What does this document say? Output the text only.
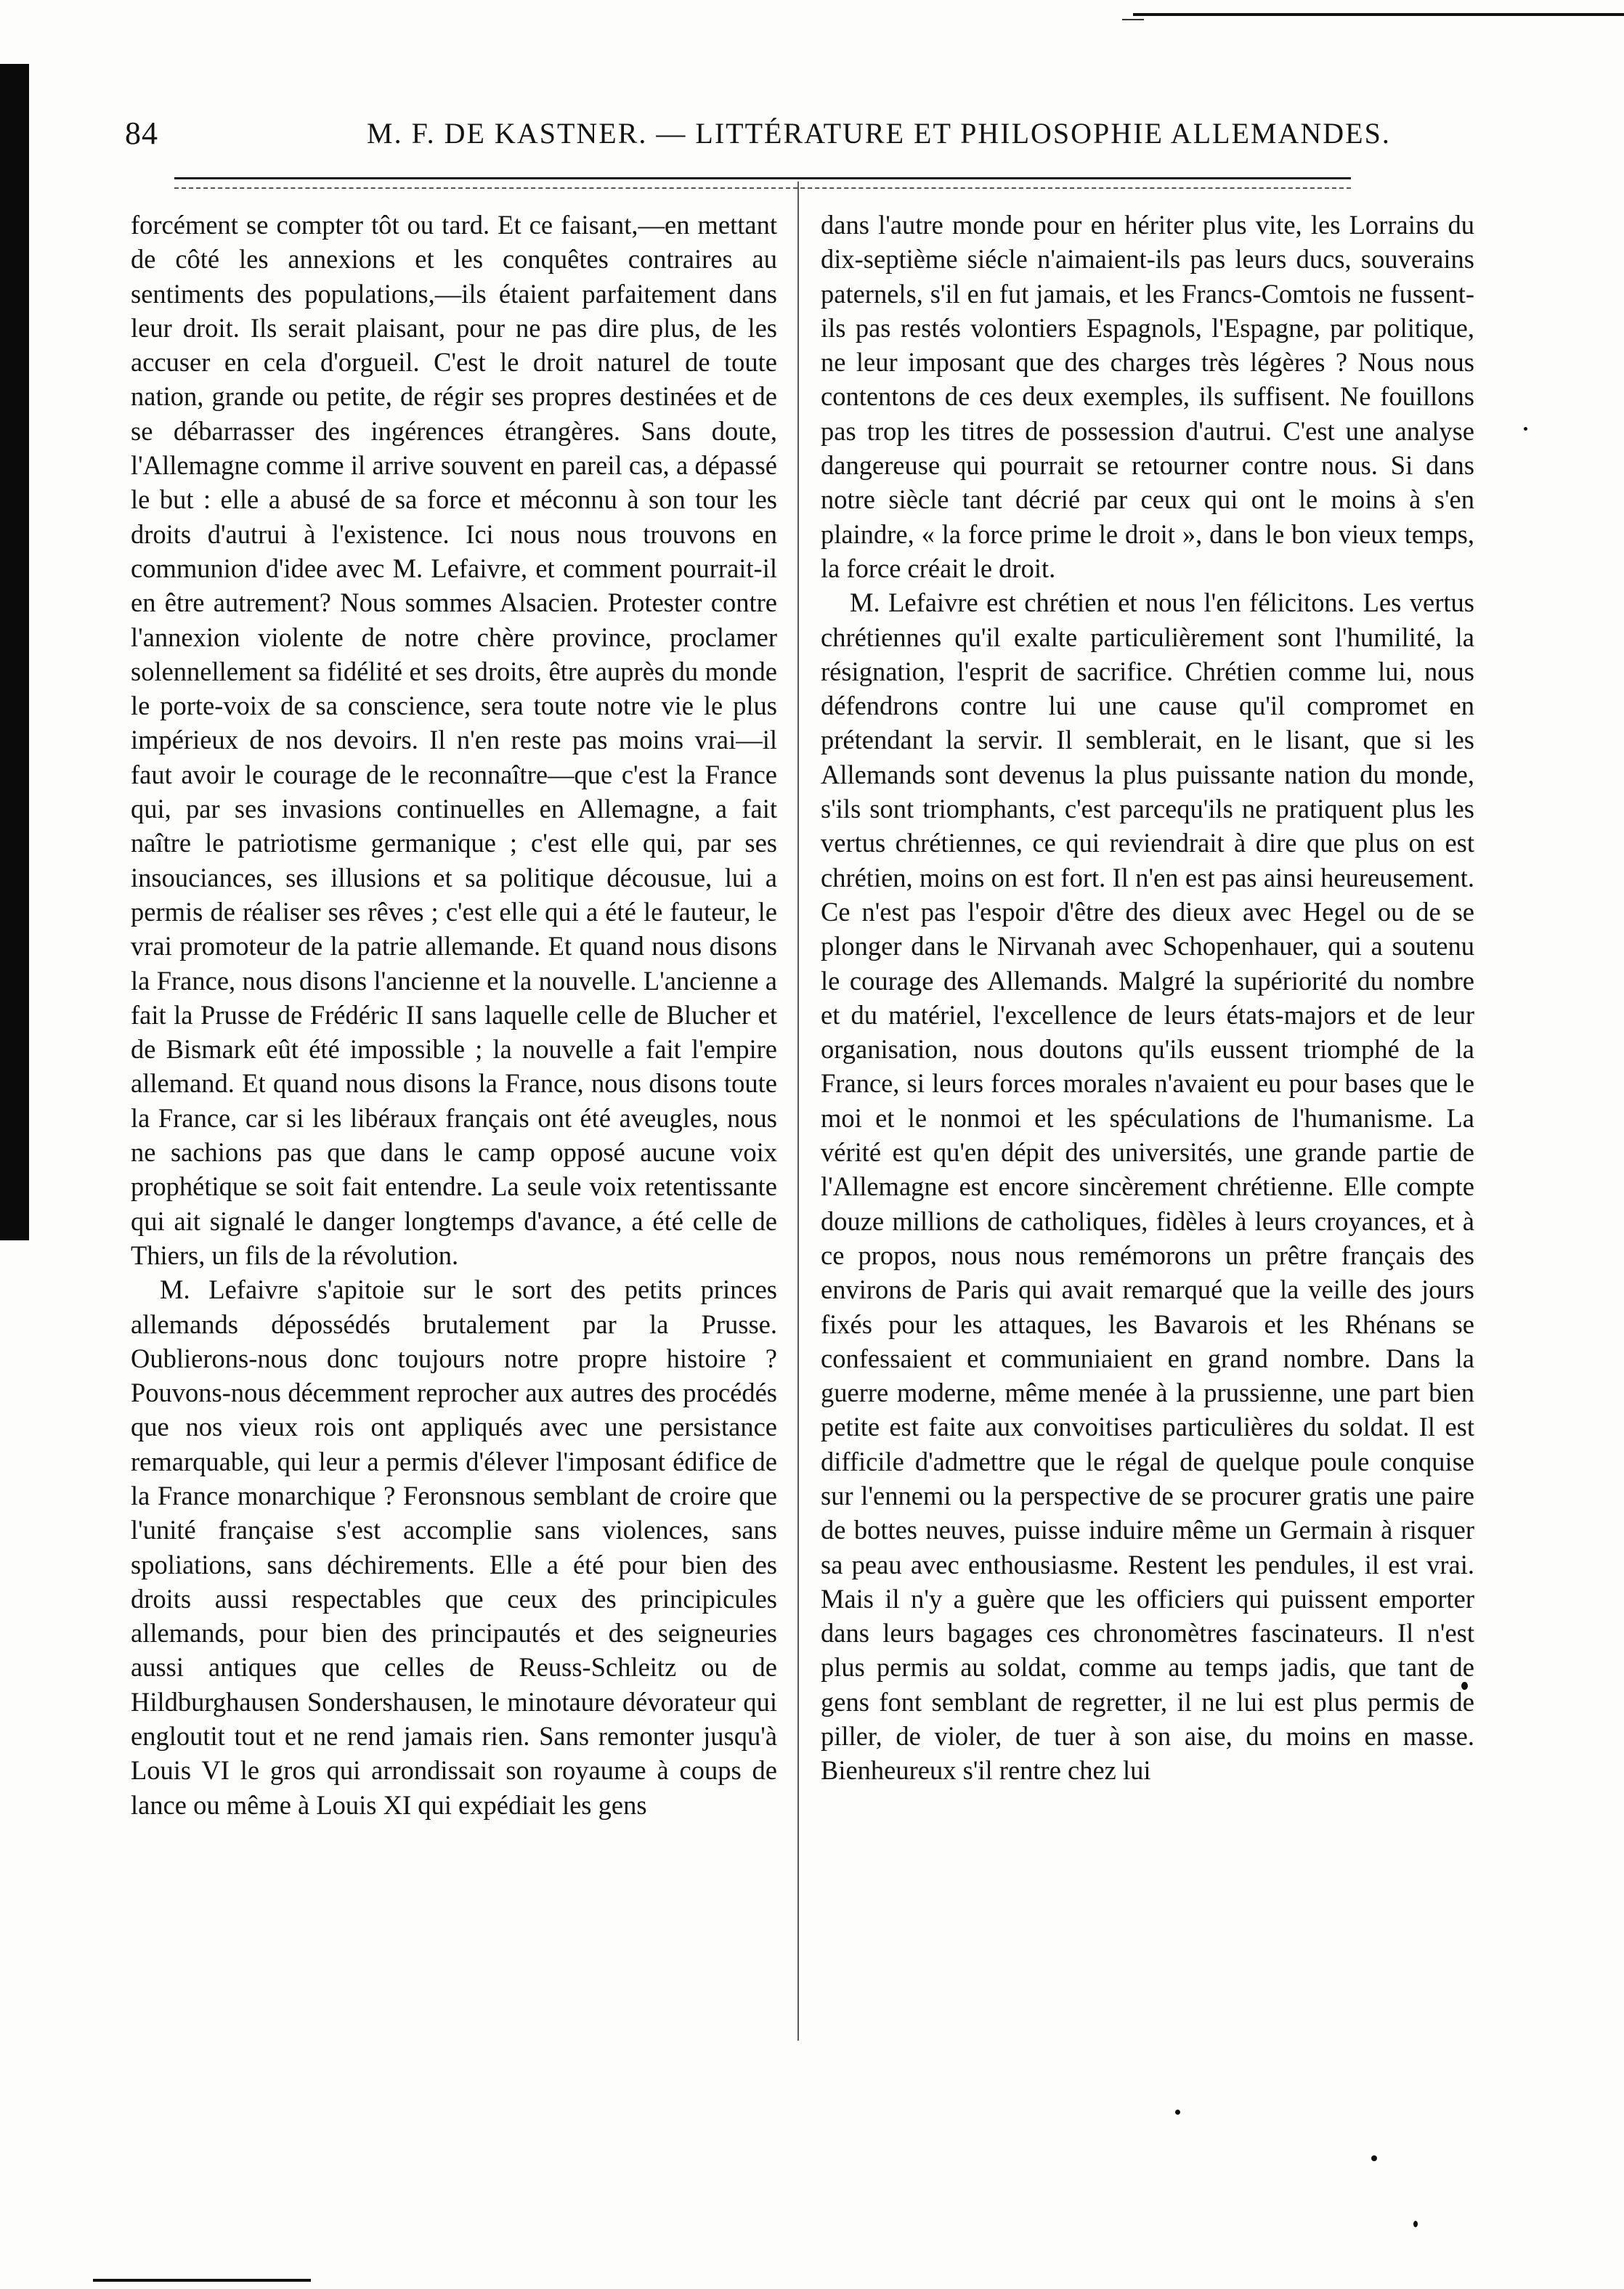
84	M. F. DE KASTNER. — LITTÉRATURE ET PHILOSOPHIE ALLEMANDES.

forcément se compter tôt ou tard. Et ce faisant,—en mettant de côté les annexions et les conquêtes contraires au sentiments des populations,—ils étaient parfaitement dans leur droit. Ils serait plaisant, pour ne pas dire plus, de les accuser en cela d'orgueil. C'est le droit naturel de toute nation, grande ou petite, de régir ses propres destinées et de se débarrasser des ingérences étrangères. Sans doute, l'Allemagne comme il arrive souvent en pareil cas, a dépassé le but : elle a abusé de sa force et méconnu à son tour les droits d'autrui à l'existence. Ici nous nous trouvons en communion d'idee avec M. Lefaivre, et comment pourrait-il en être autrement? Nous sommes Alsacien. Protester contre l'annexion violente de notre chère province, proclamer solennellement sa fidélité et ses droits, être auprès du monde le porte-voix de sa conscience, sera toute notre vie le plus impérieux de nos devoirs. Il n'en reste pas moins vrai—il faut avoir le courage de le reconnaître—que c'est la France qui, par ses invasions continuelles en Allemagne, a fait naître le patriotisme germanique ; c'est elle qui, par ses insouciances, ses illusions et sa politique décousue, lui a permis de réaliser ses rêves ; c'est elle qui a été le fauteur, le vrai promoteur de la patrie allemande. Et quand nous disons la France, nous disons l'ancienne et la nouvelle. L'ancienne a fait la Prusse de Frédéric II sans laquelle celle de Blucher et de Bismark eût été impossible ; la nouvelle a fait l'empire allemand. Et quand nous disons la France, nous disons toute la France, car si les libéraux français ont été aveugles, nous ne sachions pas que dans le camp opposé aucune voix prophétique se soit fait entendre. La seule voix retentissante qui ait signalé le danger longtemps d'avance, a été celle de Thiers, un fils de la révolution.

M. Lefaivre s'apitoie sur le sort des petits princes allemands dépossédés brutalement par la Prusse. Oublierons-nous donc toujours notre propre histoire ? Pouvons-nous décemment reprocher aux autres des procédés que nos vieux rois ont appliqués avec une persistance remarquable, qui leur a permis d'élever l'imposant édifice de la France monarchique ? Feronsnous semblant de croire que l'unité française s'est accomplie sans violences, sans spoliations, sans déchirements. Elle a été pour bien des droits aussi respectables que ceux des principicules allemands, pour bien des principautés et des seigneuries aussi antiques que celles de Reuss-Schleitz ou de Hildburghausen Sondershausen, le minotaure dévorateur qui engloutit tout et ne rend jamais rien. Sans remonter jusqu'à Louis VI le gros qui arrondissait son royaume à coups de lance ou même à Louis XI qui expédiait les gens

dans l'autre monde pour en hériter plus vite, les Lorrains du dix-septième siécle n'aimaient-ils pas leurs ducs, souverains paternels, s'il en fut jamais, et les Francs-Comtois ne fussent-ils pas restés volontiers Espagnols, l'Espagne, par politique, ne leur imposant que des charges très légères ? Nous nous contentons de ces deux exemples, ils suffisent. Ne fouillons pas trop les titres de possession d'autrui. C'est une analyse dangereuse qui pourrait se retourner contre nous. Si dans notre siècle tant décrié par ceux qui ont le moins à s'en plaindre, « la force prime le droit », dans le bon vieux temps, la force créait le droit.

M. Lefaivre est chrétien et nous l'en félicitons. Les vertus chrétiennes qu'il exalte particulièrement sont l'humilité, la résignation, l'esprit de sacrifice. Chrétien comme lui, nous défendrons contre lui une cause qu'il compromet en prétendant la servir. Il semblerait, en le lisant, que si les Allemands sont devenus la plus puissante nation du monde, s'ils sont triomphants, c'est parcequ'ils ne pratiquent plus les vertus chrétiennes, ce qui reviendrait à dire que plus on est chrétien, moins on est fort. Il n'en est pas ainsi heureusement. Ce n'est pas l'espoir d'être des dieux avec Hegel ou de se plonger dans le Nirvanah avec Schopenhauer, qui a soutenu le courage des Allemands. Malgré la supériorité du nombre et du matériel, l'excellence de leurs états-majors et de leur organisation, nous doutons qu'ils eussent triomphé de la France, si leurs forces morales n'avaient eu pour bases que le moi et le nonmoi et les spéculations de l'humanisme. La vérité est qu'en dépit des universités, une grande partie de l'Allemagne est encore sincèrement chrétienne. Elle compte douze millions de catholiques, fidèles à leurs croyances, et à ce propos, nous nous remémorons un prêtre français des environs de Paris qui avait remarqué que la veille des jours fixés pour les attaques, les Bavarois et les Rhénans se confessaient et communiaient en grand nombre. Dans la guerre moderne, même menée à la prussienne, une part bien petite est faite aux convoitises particulières du soldat. Il est difficile d'admettre que le régal de quelque poule conquise sur l'ennemi ou la perspective de se procurer gratis une paire de bottes neuves, puisse induire même un Germain à risquer sa peau avec enthousiasme. Restent les pendules, il est vrai. Mais il n'y a guère que les officiers qui puissent emporter dans leurs bagages ces chronomètres fascinateurs. Il n'est plus permis au soldat, comme au temps jadis, que tant de gens font semblant de regretter, il ne lui est plus permis de piller, de violer, de tuer à son aise, du moins en masse. Bienheureux s'il rentre chez lui
